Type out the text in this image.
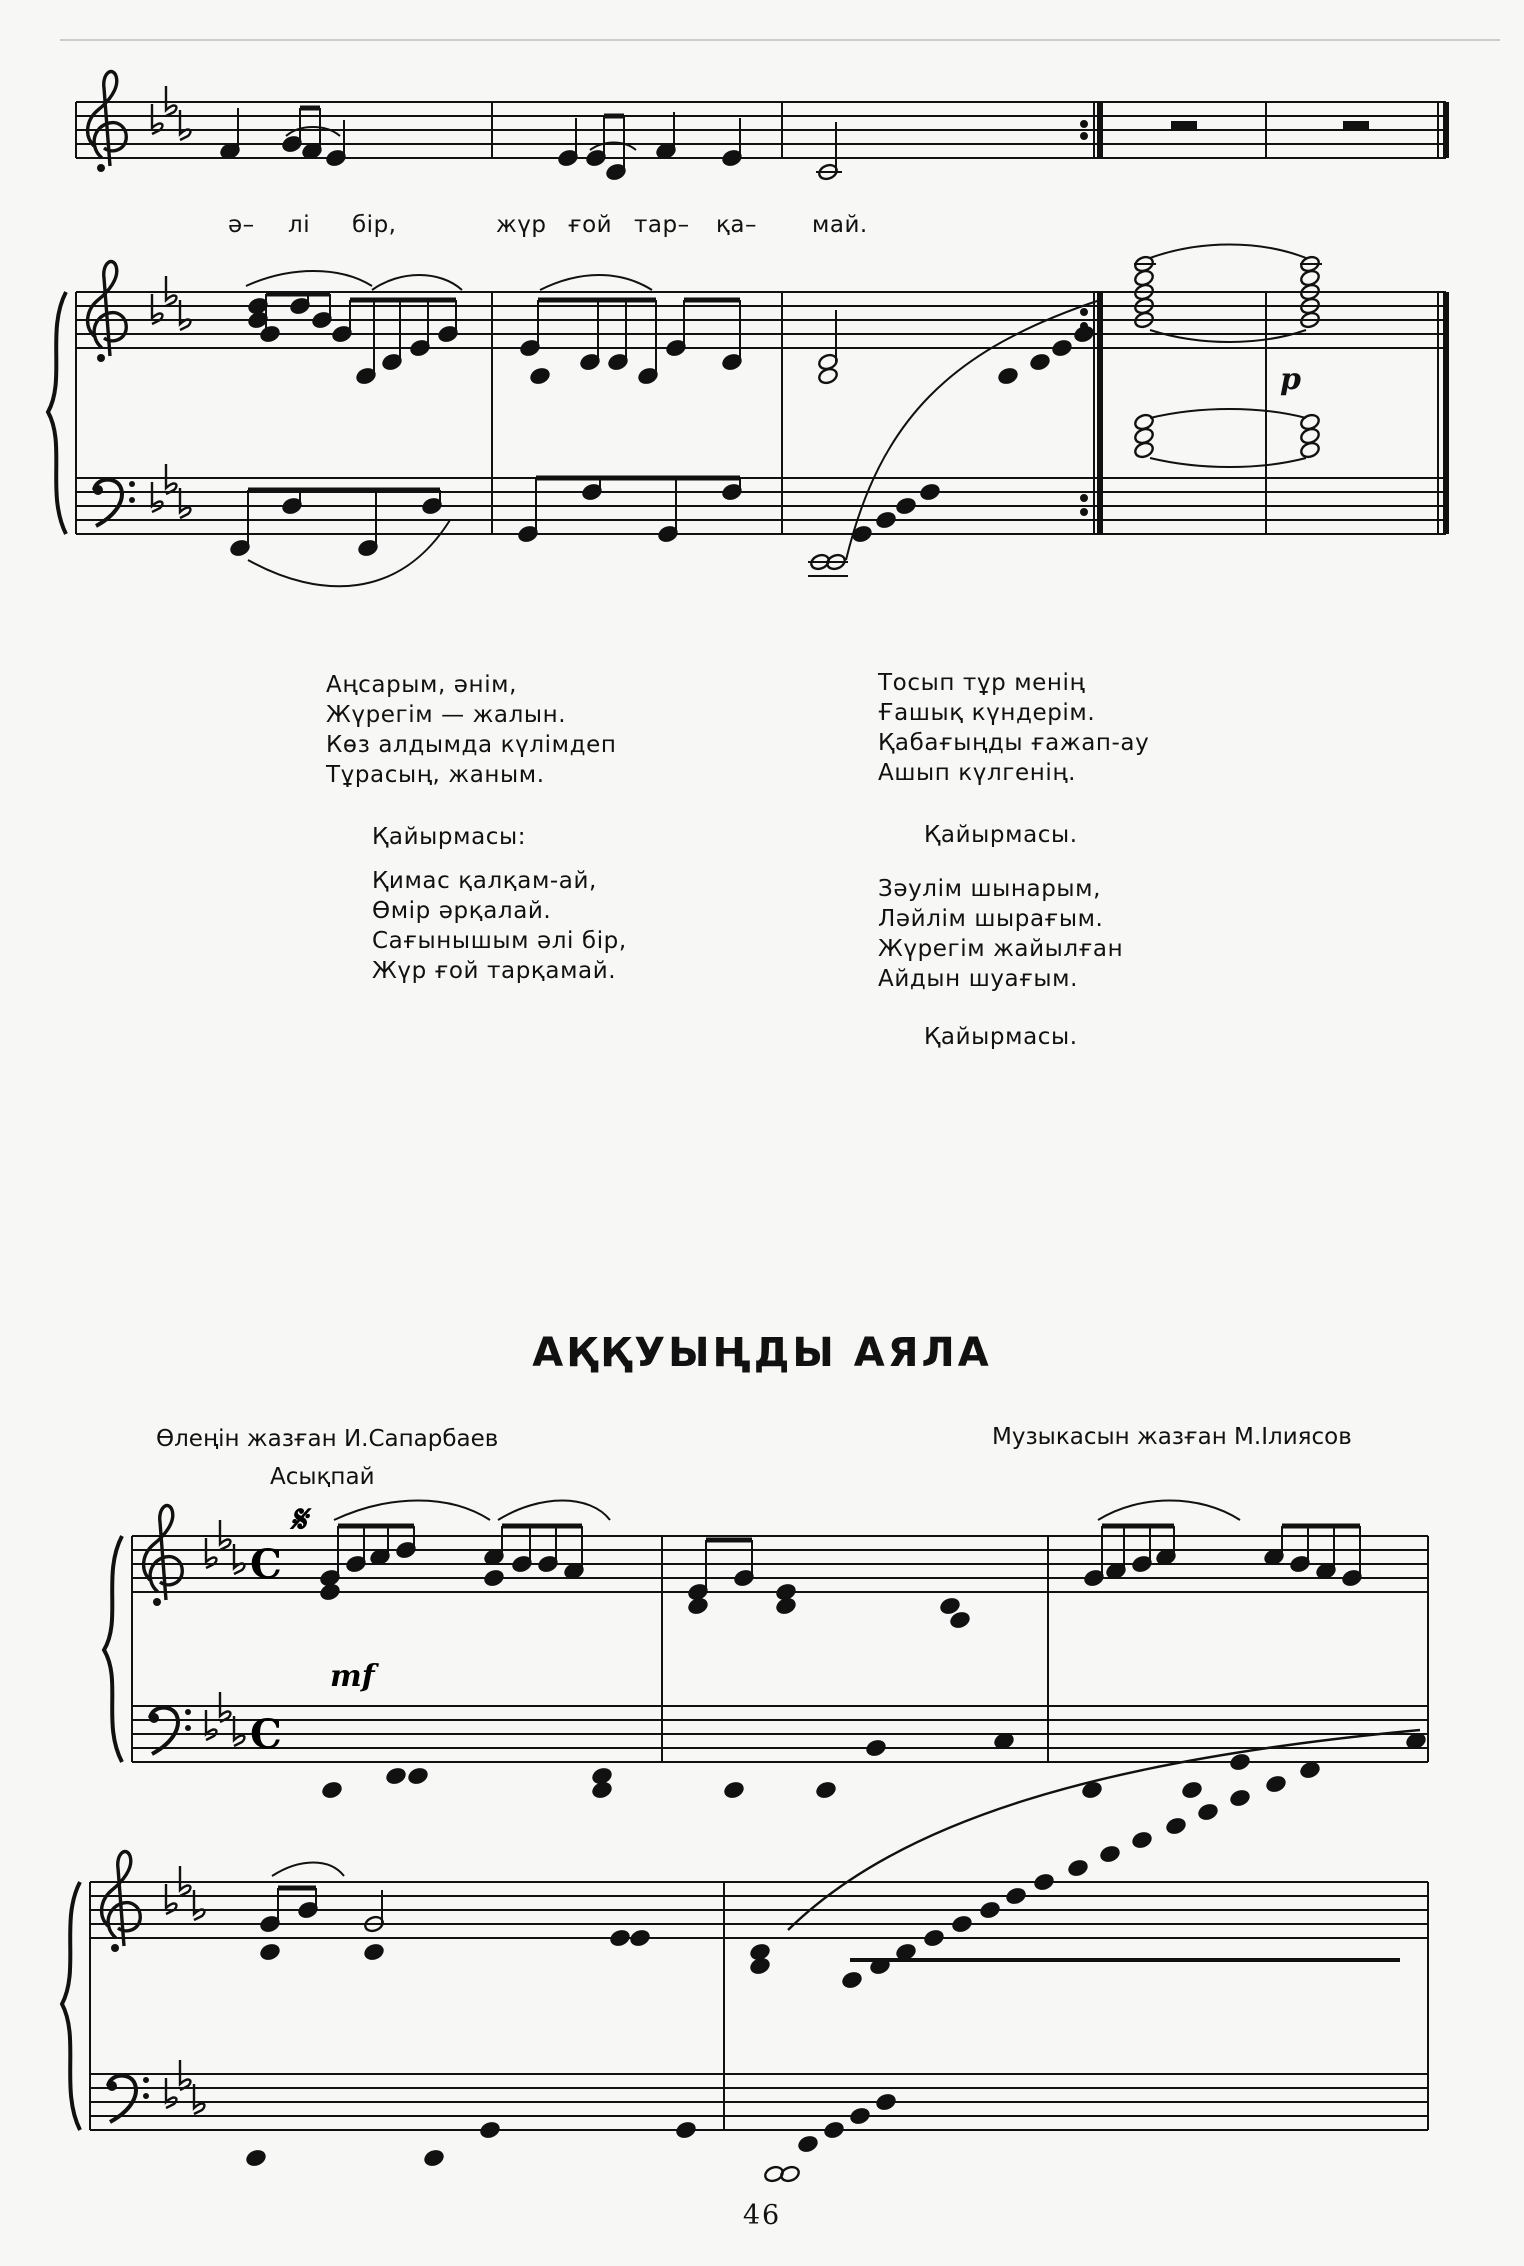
C
C
𝄋
mf
ә– лі бір,	жүр ғой тар– қа– май.
p
Аңсарым, әнім,
Жүрегім — жалын.
Көз алдымда күлімдеп
Тұрасың, жаным.
Қайырмасы:
Қимас қалқам-ай,
Өмір әрқалай.
Сағынышым әлі бір,
Жүр ғой тарқамай.
Тосып тұр менің
Ғашық күндерім.
Қабағыңды ғажап-ау
Ашып күлгенің.
Қайырмасы.
Зәулім шынарым,
Ләйлім шырағым.
Жүрегім жайылған
Айдын шуағым.
Қайырмасы.
АҚҚУЫҢДЫ АЯЛА
Өлеңін жазған И.Сапарбаев	Музыкасын жазған М.Ілиясов
Асықпай
46
